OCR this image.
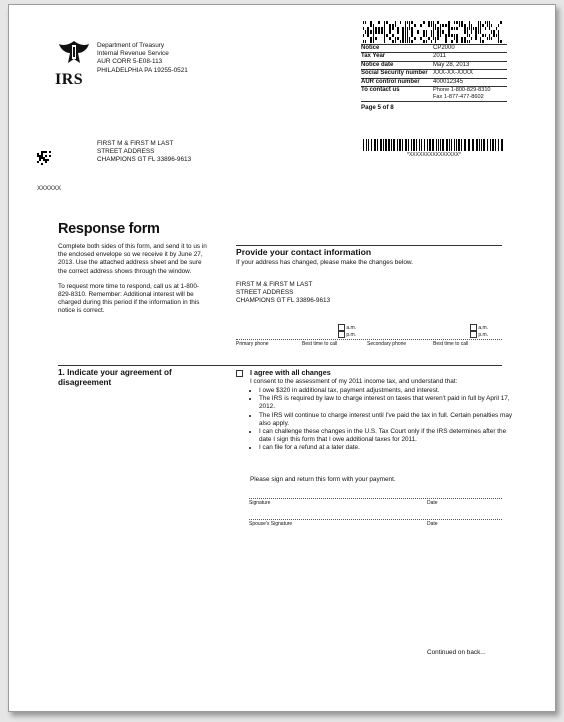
IRS
Department of Treasury
Internal Revenue Service
AUR CORR 5-E08-113
PHILADELPHIA PA 19255-0521
Notice	CP2000
Tax Year	2011
Notice date	May 28, 2013
Social Security number XXX-XX-XXXX
AUR control number	400012345
To contact us	Phone 1-800-829-8310
Fax 1-877-477-8602
Page 5 of 8
*XXXXXXXXXXXXXXX*
FIRST M & FIRST M LAST
STREET ADDRESS
CHAMPIONS GT FL 33896-9613
XXXXXX
Response form
Complete both sides of this form, and send it to us in the enclosed envelope so we receive it by June 27, 2013. Use the attached address sheet and be sure the correct address shows through the window.
To request more time to respond, call us at 1-800-829-8310. Remember: Additional interest will be charged during this period if the information in this notice is correct.
Provide your contact information
If your address has changed, please make the changes below.
FIRST M & FIRST M LAST
STREET ADDRESS
CHAMPIONS GT FL 33896-9613
a.m.
p.m.
a.m.
p.m.
Primary phone	Best time to call	Secondary phone	Best time to call
1. Indicate your agreement of disagreement
I agree with all changes
I consent to the assessment of my 2011 income tax, and understand that:
• I owe $320 in additional tax, payment adjustments, and interest.
• The IRS is required by law to charge interest on taxes that weren't paid in full by April 17, 2012.
• The IRS will continue to charge interest until I've paid the tax in full. Certain penalties may also apply.
• I can challenge these changes in the U.S. Tax Court only if the IRS determines after the date I sign this form that I owe additional taxes for 2011.
• I can file for a refund at a later date.
Please sign and return this form with your payment.
Signature	Date
Spouse's Signature	Date
Continued on back...
